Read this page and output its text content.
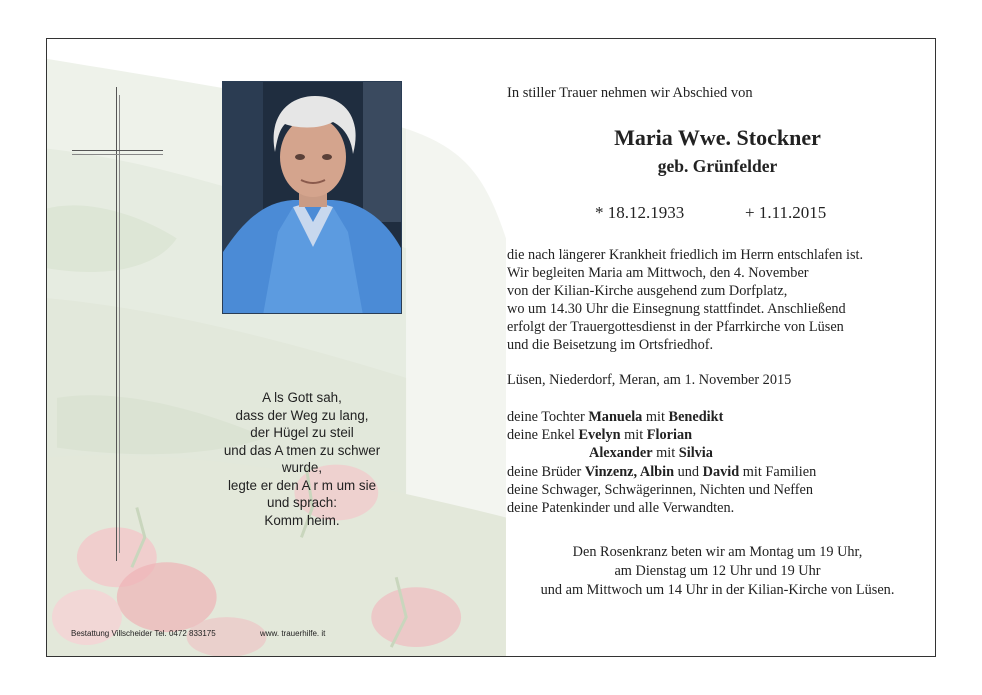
A ls Gott sah,
dass der Weg zu lang,
der Hügel zu steil
und das A tmen zu schwer
wurde,
legte er den A r m um sie
und sprach:
Komm heim.
Bestattung Villscheider Tel. 0472 833175	www. trauerhilfe. it
In stiller Trauer nehmen wir Abschied von
Maria Wwe. Stockner
geb. Grünfelder
* 18.12.1933	+ 1.11.2015
die nach längerer Krankheit friedlich im Herrn entschlafen ist.
Wir begleiten Maria am Mittwoch, den 4. November
von der Kilian-Kirche ausgehend zum Dorfplatz,
wo um 14.30 Uhr die Einsegnung stattfindet. Anschließend
erfolgt der Trauergottesdienst in der Pfarrkirche von Lüsen
und die Beisetzung im Ortsfriedhof.
Lüsen, Niederdorf, Meran, am 1. November 2015
deine Tochter Manuela mit Benedikt
deine Enkel Evelyn mit Florian
Alexander mit Silvia
deine Brüder Vinzenz, Albin und David mit Familien
deine Schwager, Schwägerinnen, Nichten und Neffen
deine Patenkinder und alle Verwandten.
Den Rosenkranz beten wir am Montag um 19 Uhr,
am Dienstag um 12 Uhr und 19 Uhr
und am Mittwoch um 14 Uhr in der Kilian-Kirche von Lüsen.
